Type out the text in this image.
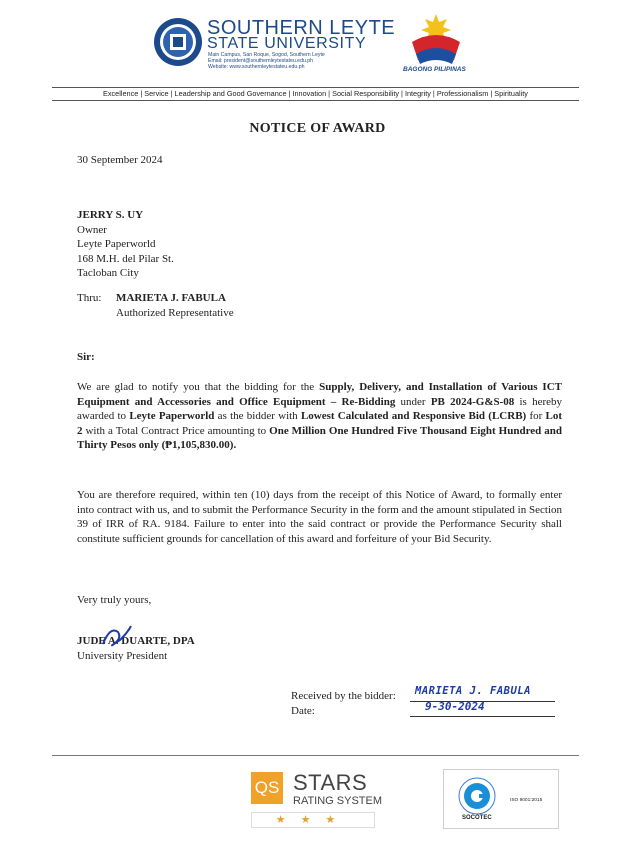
SOUTHERN LEYTE
STATE UNIVERSITY
Main Campus, San Roque, Sogod, Southern Leyte
Email: president@southernleytestateu.edu.ph
Website: www.southernleytestateu.edu.ph	BAGONG PILIPINAS
Excellence | Service | Leadership and Good Governance | Innovation | Social Responsibility | Integrity | Professionalism | Spirituality
NOTICE OF AWARD
30 September 2024
JERRY S. UY
Owner
Leyte Paperworld
168 M.H. del Pilar St.
Tacloban City
Thru: MARIETA J. FABULA
Authorized Representative
Sir:
We are glad to notify you that the bidding for the Supply, Delivery, and Installation of Various ICT Equipment and Accessories and Office Equipment – Re-Bidding under PB 2024-G&S-08 is hereby awarded to Leyte Paperworld as the bidder with Lowest Calculated and Responsive Bid (LCRB) for Lot 2 with a Total Contract Price amounting to One Million One Hundred Five Thousand Eight Hundred and Thirty Pesos only (₱1,105,830.00).
You are therefore required, within ten (10) days from the receipt of this Notice of Award, to formally enter into contract with us, and to submit the Performance Security in the form and the amount stipulated in Section 39 of IRR of RA. 9184. Failure to enter into the said contract or provide the Performance Security shall constitute sufficient grounds for cancellation of this award and forfeiture of your Bid Security.
Very truly yours,
JUDE A. DUARTE, DPA
University President
Received by the bidder:
Date:
MARIETA J. FABULA
9-30-2024
QS STARS
RATING SYSTEM
★★★
ISO 9001:2015
SOCOTEC
